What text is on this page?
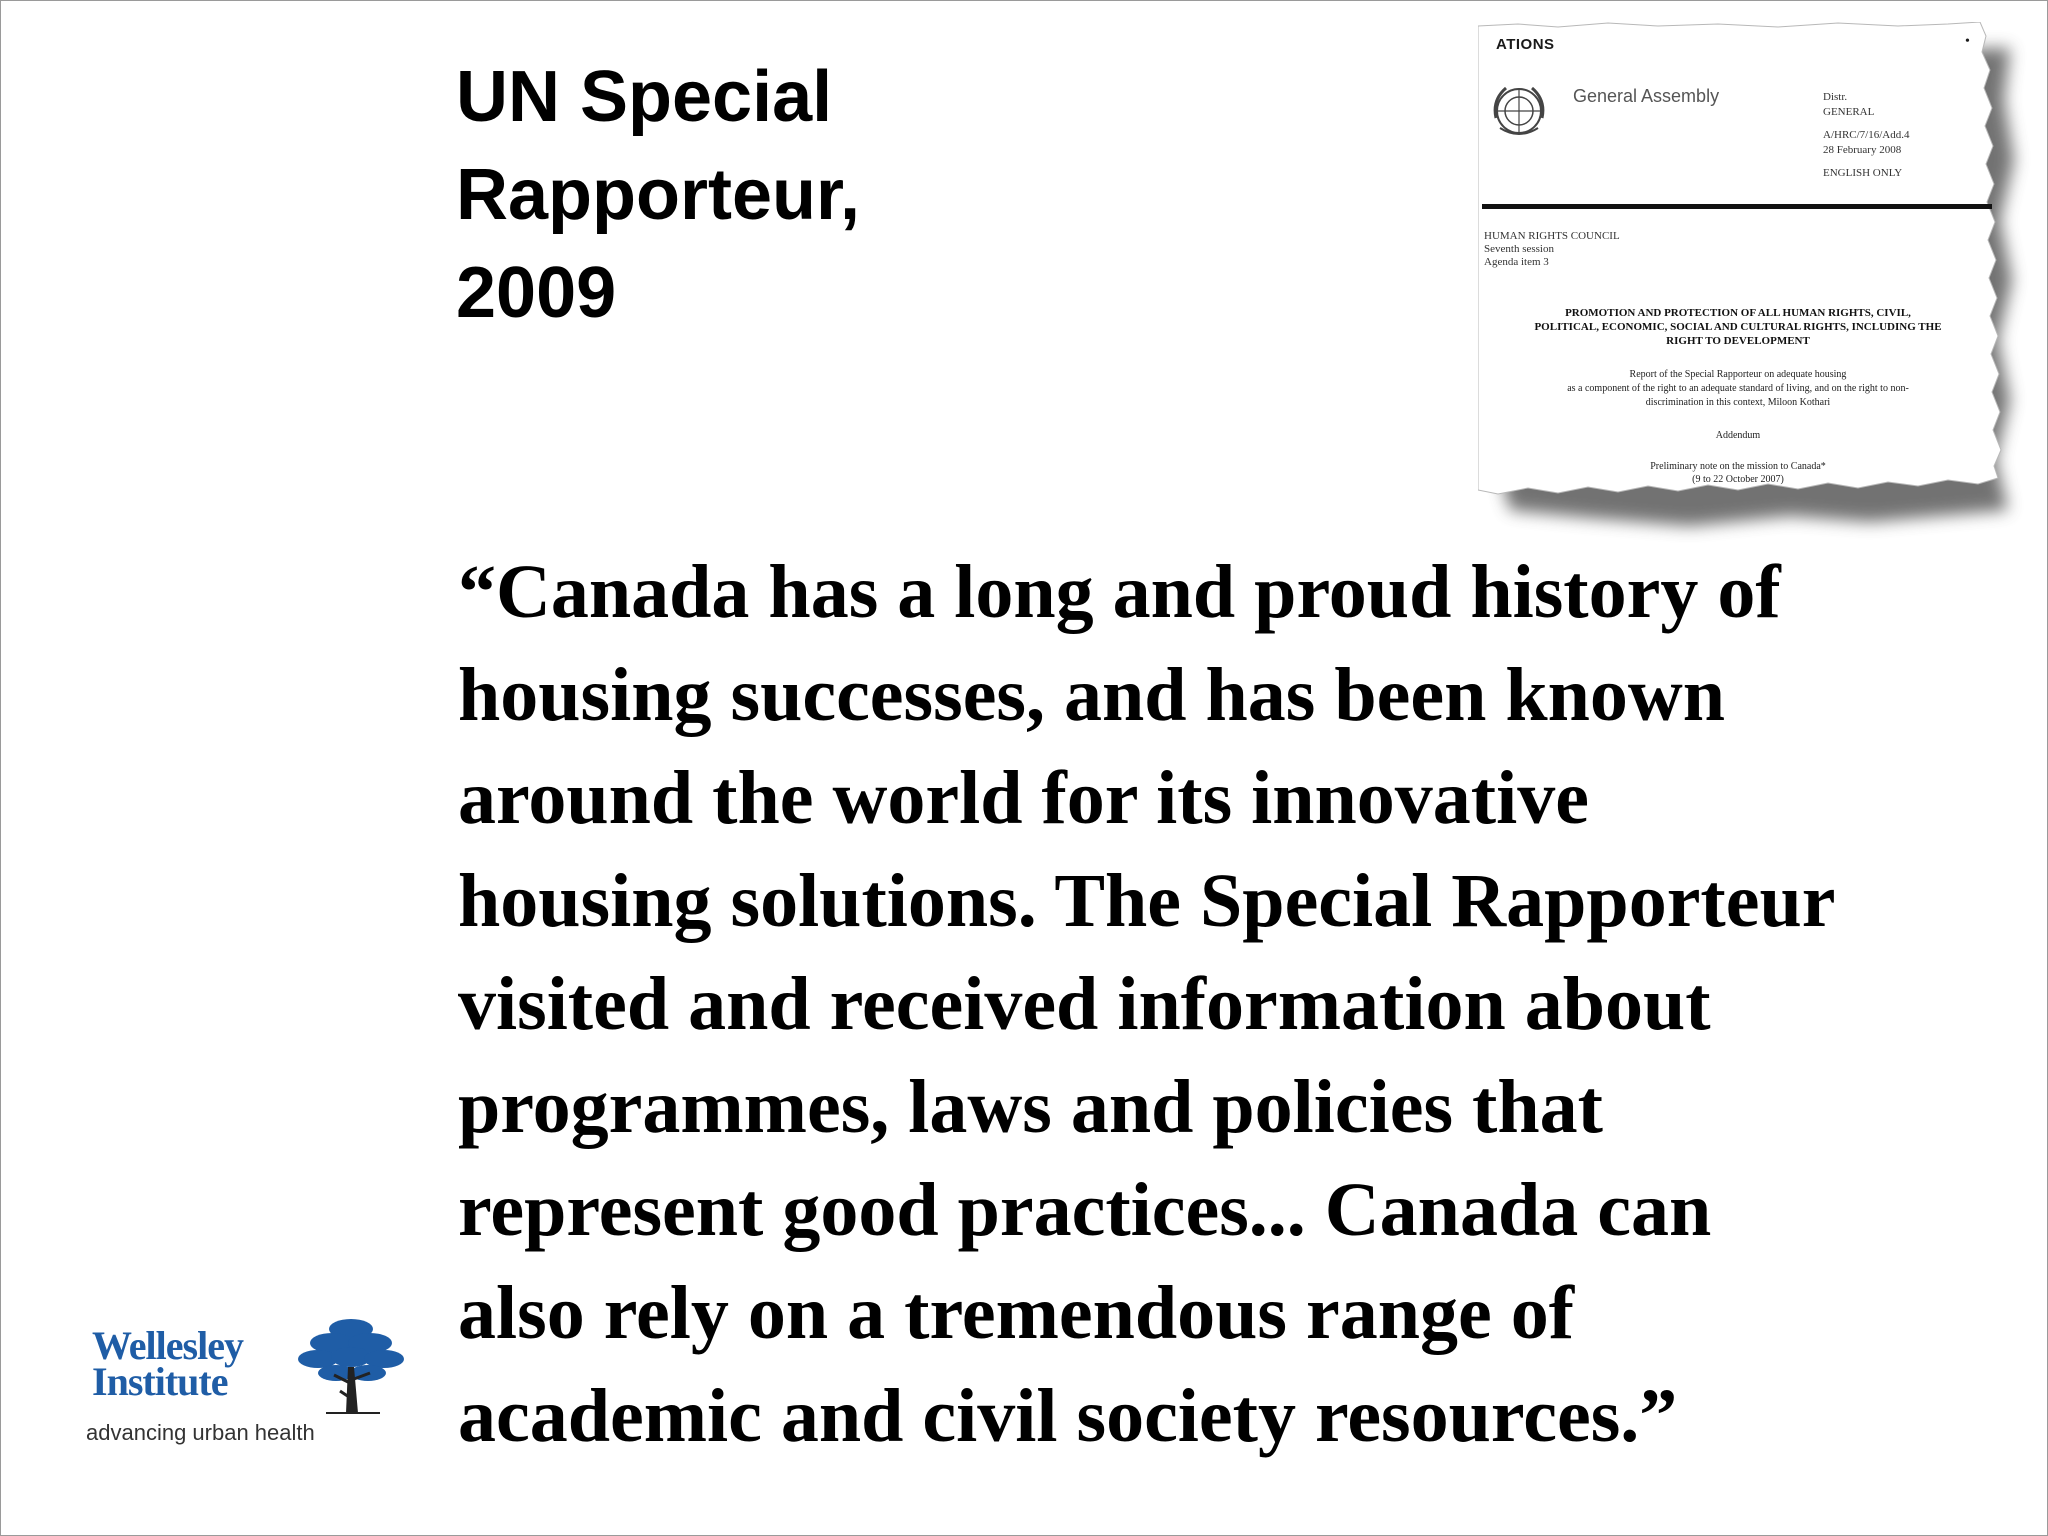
UN Special
Rapporteur,
2009
ATIONS	•
General Assembly	Distr.
GENERAL
A/HRC/7/16/Add.4
28 February 2008
ENGLISH ONLY
HUMAN RIGHTS COUNCIL
Seventh session
Agenda item 3
PROMOTION AND PROTECTION OF ALL HUMAN RIGHTS, CIVIL,
POLITICAL, ECONOMIC, SOCIAL AND CULTURAL RIGHTS, INCLUDING THE
RIGHT TO DEVELOPMENT
Report of the Special Rapporteur on adequate housing
as a component of the right to an adequate standard of living, and on the right to non-
discrimination in this context, Miloon Kothari
Addendum
Preliminary note on the mission to Canada*
(9 to 22 October 2007)
“Canada has a long and proud history of
housing successes, and has been known
around the world for its innovative
housing solutions. The Special Rapporteur
visited and received information about
programmes, laws and policies that
represent good practices... Canada can
also rely on a tremendous range of
academic and civil society resources.”
Wellesley
Institute
advancing urban health
